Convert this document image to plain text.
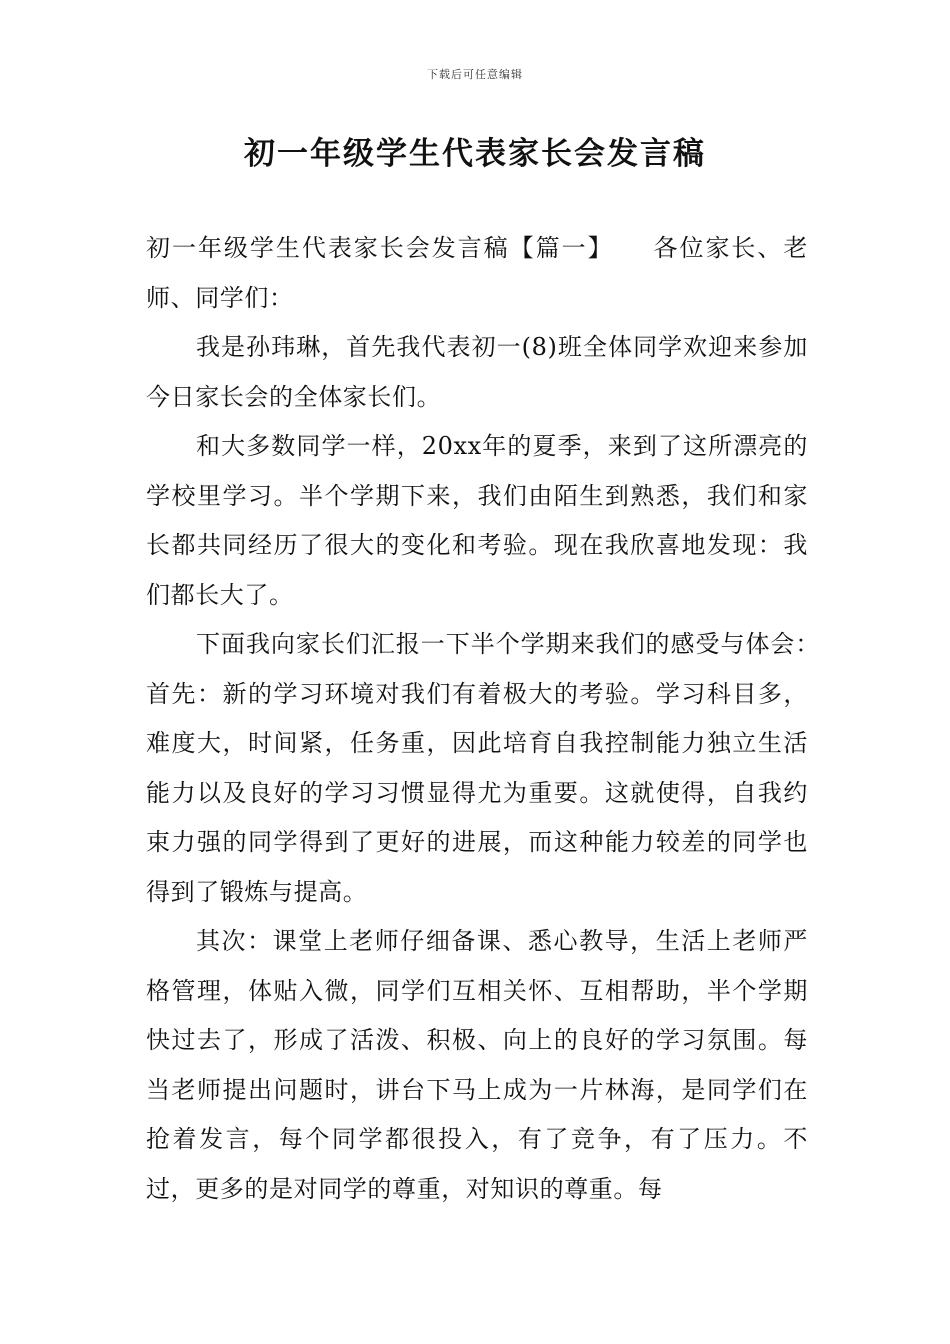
下载后可任意编辑
初一年级学生代表家长会发言稿

初一年级学生代表家长会发言稿【篇一】　　各位家长、老师、同学们：

我是孙玮琳，首先我代表初一(8)班全体同学欢迎来参加今日家长会的全体家长们。

和大多数同学一样，20xx年的夏季，来到了这所漂亮的学校里学习。半个学期下来，我们由陌生到熟悉，我们和家长都共同经历了很大的变化和考验。现在我欣喜地发现：我们都长大了。

下面我向家长们汇报一下半个学期来我们的感受与体会：　首先：新的学习环境对我们有着极大的考验。学习科目多，难度大，时间紧，任务重，因此培育自我控制能力独立生活能力以及良好的学习习惯显得尤为重要。这就使得，自我约束力强的同学得到了更好的进展，而这种能力较差的同学也得到了锻炼与提高。

其次：课堂上老师仔细备课、悉心教导，生活上老师严格管理，体贴入微，同学们互相关怀、互相帮助，半个学期快过去了，形成了活泼、积极、向上的良好的学习氛围。每当老师提出问题时，讲台下马上成为一片林海，是同学们在抢着发言，每个同学都很投入，有了竞争，有了压力。不过，更多的是对同学的尊重，对知识的尊重。每
